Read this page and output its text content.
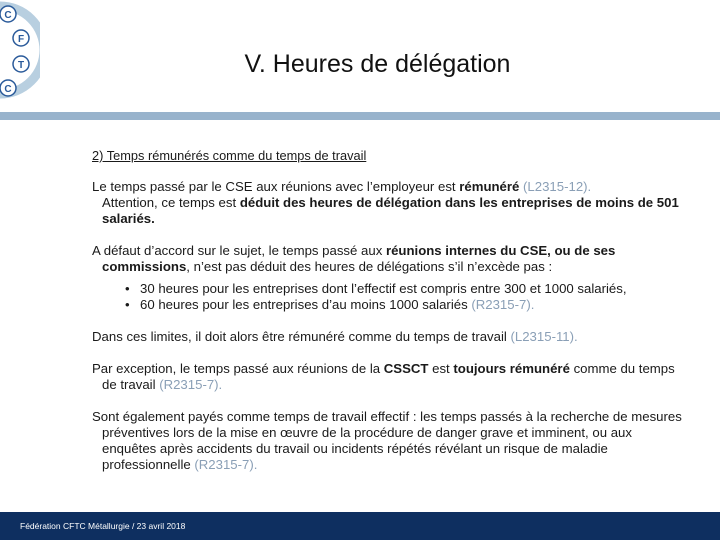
C
F
T
C
V. Heures de délégation
2) Temps rémunérés comme du temps de travail

Le temps passé par le CSE aux réunions avec l’employeur est rémunéré (L2315-12).
Attention, ce temps est déduit des heures de délégation dans les entreprises de moins de 501 salariés.

A défaut d’accord sur le sujet, le temps passé aux réunions internes du CSE, ou de ses commissions, n’est pas déduit des heures de délégations s’il n’excède pas :

• 30 heures pour les entreprises dont l’effectif est compris entre 300 et 1000 salariés,
• 60 heures pour les entreprises d’au moins 1000 salariés (R2315-7).

Dans ces limites, il doit alors être rémunéré comme du temps de travail (L2315-11).

Par exception, le temps passé aux réunions de la CSSCT est toujours rémunéré comme du temps de travail (R2315-7).

Sont également payés comme temps de travail effectif : les temps passés à la recherche de mesures préventives lors de la mise en œuvre de la procédure de danger grave et imminent, ou aux enquêtes après accidents du travail ou incidents répétés révélant un risque de maladie professionnelle (R2315-7).

Fédération CFTC Métallurgie / 23 avril 2018
